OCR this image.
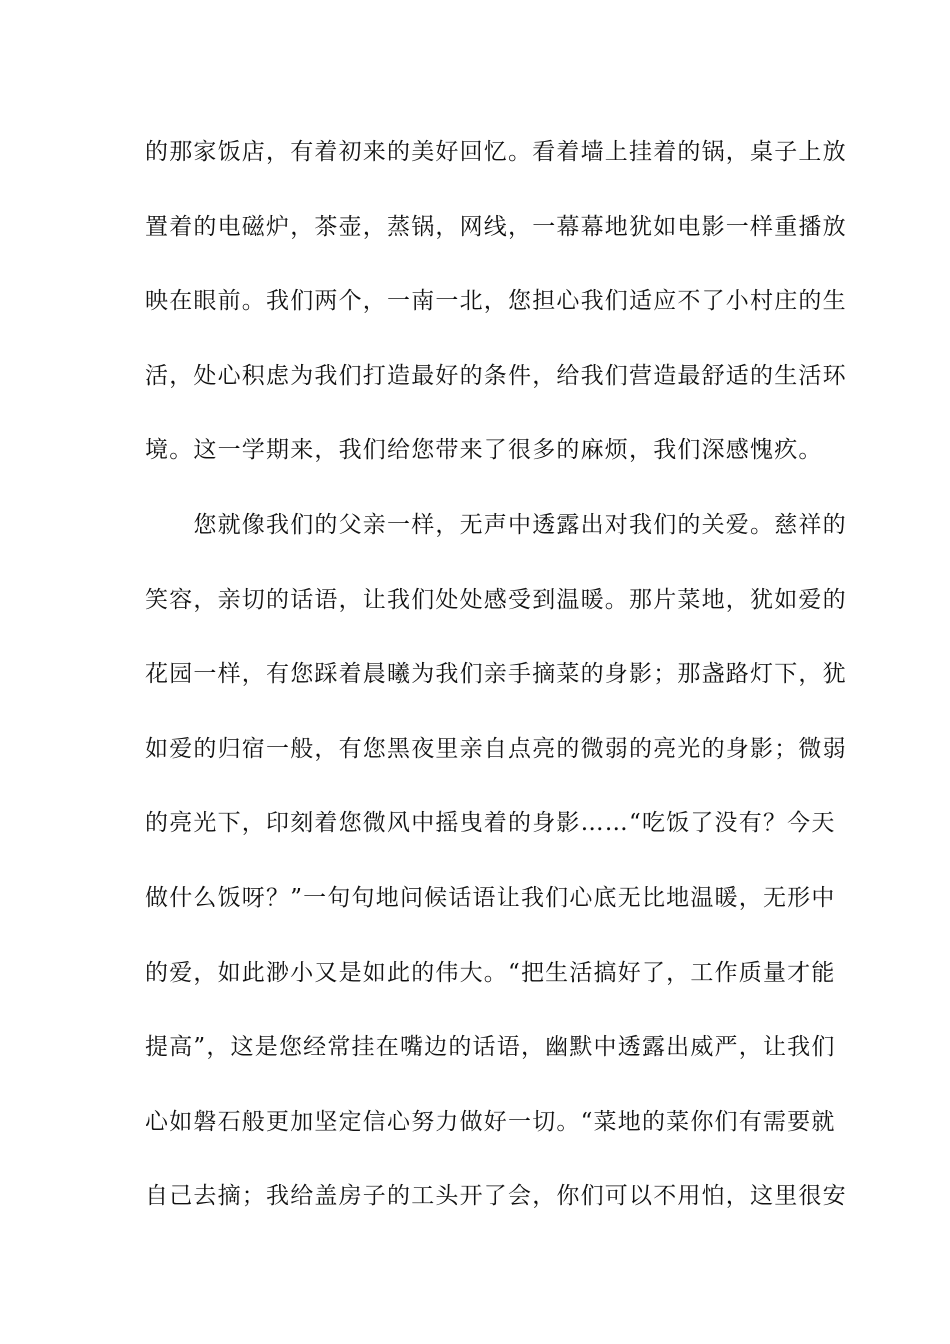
的那家饭店，有着初来的美好回忆。看着墙上挂着的锅，桌子上放
置着的电磁炉，茶壶，蒸锅，网线，一幕幕地犹如电影一样重播放
映在眼前。我们两个，一南一北，您担心我们适应不了小村庄的生
活，处心积虑为我们打造最好的条件，给我们营造最舒适的生活环
境。这一学期来，我们给您带来了很多的麻烦，我们深感愧疚。
　　您就像我们的父亲一样，无声中透露出对我们的关爱。慈祥的
笑容，亲切的话语，让我们处处感受到温暖。那片菜地，犹如爱的
花园一样，有您踩着晨曦为我们亲手摘菜的身影；那盏路灯下，犹
如爱的归宿一般，有您黑夜里亲自点亮的微弱的亮光的身影；微弱
的亮光下，印刻着您微风中摇曳着的身影……“吃饭了没有？今天
做什么饭呀？”一句句地问候话语让我们心底无比地温暖，无形中
的爱，如此渺小又是如此的伟大。“把生活搞好了，工作质量才能
提高”，这是您经常挂在嘴边的话语，幽默中透露出威严，让我们
心如磐石般更加坚定信心努力做好一切。“菜地的菜你们有需要就
自己去摘；我给盖房子的工头开了会，你们可以不用怕，这里很安
